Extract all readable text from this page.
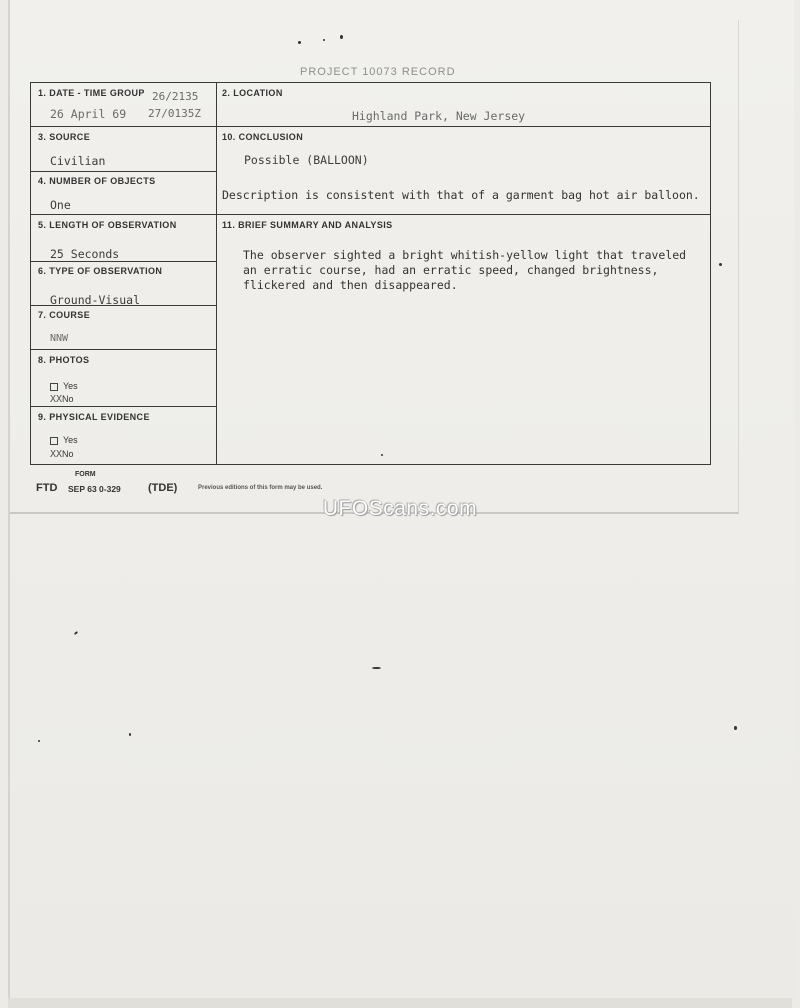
PROJECT 10073 RECORD
1. DATE - TIME GROUP 26/2135
26 April 69 27/0135Z
2. LOCATION
Highland Park, New Jersey
3. SOURCE
Civilian
4. NUMBER OF OBJECTS
One
5. LENGTH OF OBSERVATION
25 Seconds
6. TYPE OF OBSERVATION
Ground-Visual
7. COURSE
NNW
8. PHOTOS
Yes
XXNo
9. PHYSICAL EVIDENCE
Yes
XXNo
10. CONCLUSION
Possible (BALLOON)
Description is consistent with that of a garment bag hot air balloon.
11. BRIEF SUMMARY AND ANALYSIS
The observer sighted a bright whitish-yellow light that traveled an erratic course, had an erratic speed, changed brightness, flickered and then disappeared.
FORM
FTD SEP 63 0-329 (TDE)	Previous editions of this form may be used.
UFOScans.com
